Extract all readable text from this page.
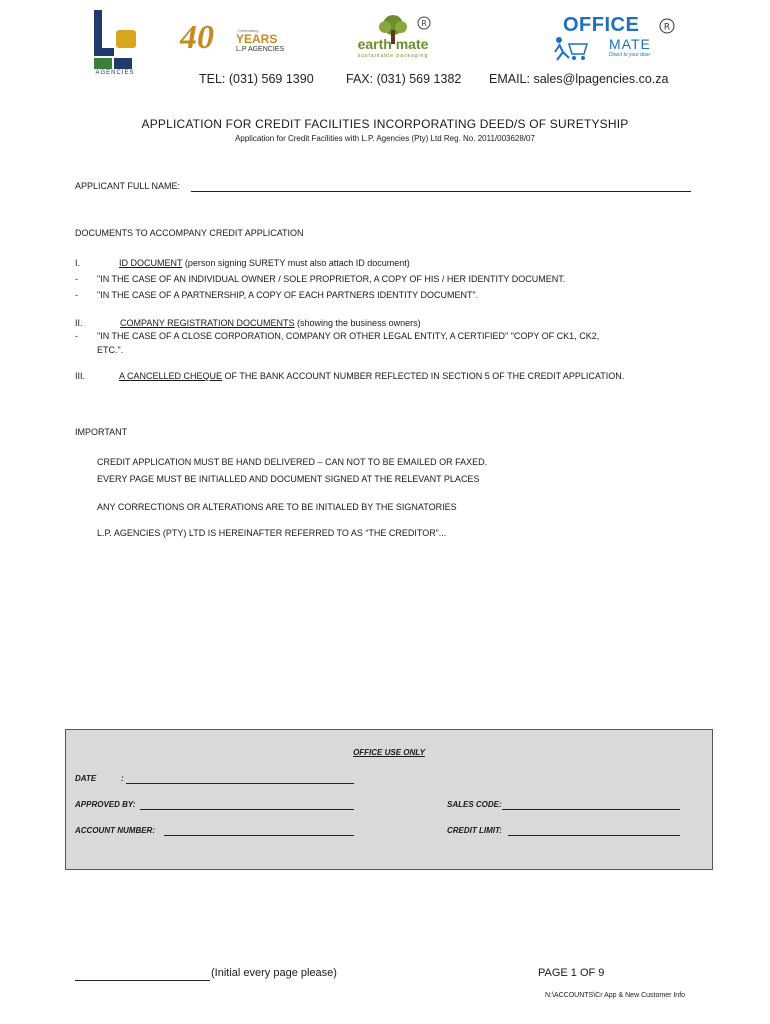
AGENCIES
40	Celebrating
YEARS
L.P AGENCIES
R
earth mate
sustainable packaging
OFFICE	R
MATE
Direct to your door
TEL: (031) 569 1390	FAX: (031) 569 1382 EMAIL: sales@lpagencies.co.za
APPLICATION FOR CREDIT FACILITIES INCORPORATING DEED/S OF SURETYSHIP
Application for Credit Facilities with L.P. Agencies (Pty) Ltd Reg. No. 2011/003628/07
APPLICANT FULL NAME:
DOCUMENTS TO ACCOMPANY CREDIT APPLICATION
I.	ID DOCUMENT (person signing SURETY must also attach ID document)
- "IN THE CASE OF AN INDIVIDUAL OWNER / SOLE PROPRIETOR, A COPY OF HIS / HER IDENTITY DOCUMENT.
- "IN THE CASE OF A PARTNERSHIP, A COPY OF EACH PARTNERS IDENTITY DOCUMENT".
II.	COMPANY REGISTRATION DOCUMENTS (showing the business owners)
- "IN THE CASE OF A CLOSE CORPORATION, COMPANY OR OTHER LEGAL ENTITY, A CERTIFIED" "COPY OF CK1, CK2,
ETC.".
III.	A CANCELLED CHEQUE OF THE BANK ACCOUNT NUMBER REFLECTED IN SECTION 5 OF THE CREDIT APPLICATION.
IMPORTANT
CREDIT APPLICATION MUST BE HAND DELIVERED – CAN NOT TO BE EMAILED OR FAXED.
EVERY PAGE MUST BE INITIALLED AND DOCUMENT SIGNED AT THE RELEVANT PLACES
ANY CORRECTIONS OR ALTERATIONS ARE TO BE INITIALED BY THE SIGNATORIES
L.P. AGENCIES (PTY) LTD IS HEREINAFTER REFERRED TO AS “THE CREDITOR”...
OFFICE USE ONLY
DATE	:
APPROVED BY:	SALES CODE:
ACCOUNT NUMBER:	CREDIT LIMIT:
(Initial every page please)	PAGE 1 OF 9
N:\ACCOUNTS\Cr App & New Customer Info
